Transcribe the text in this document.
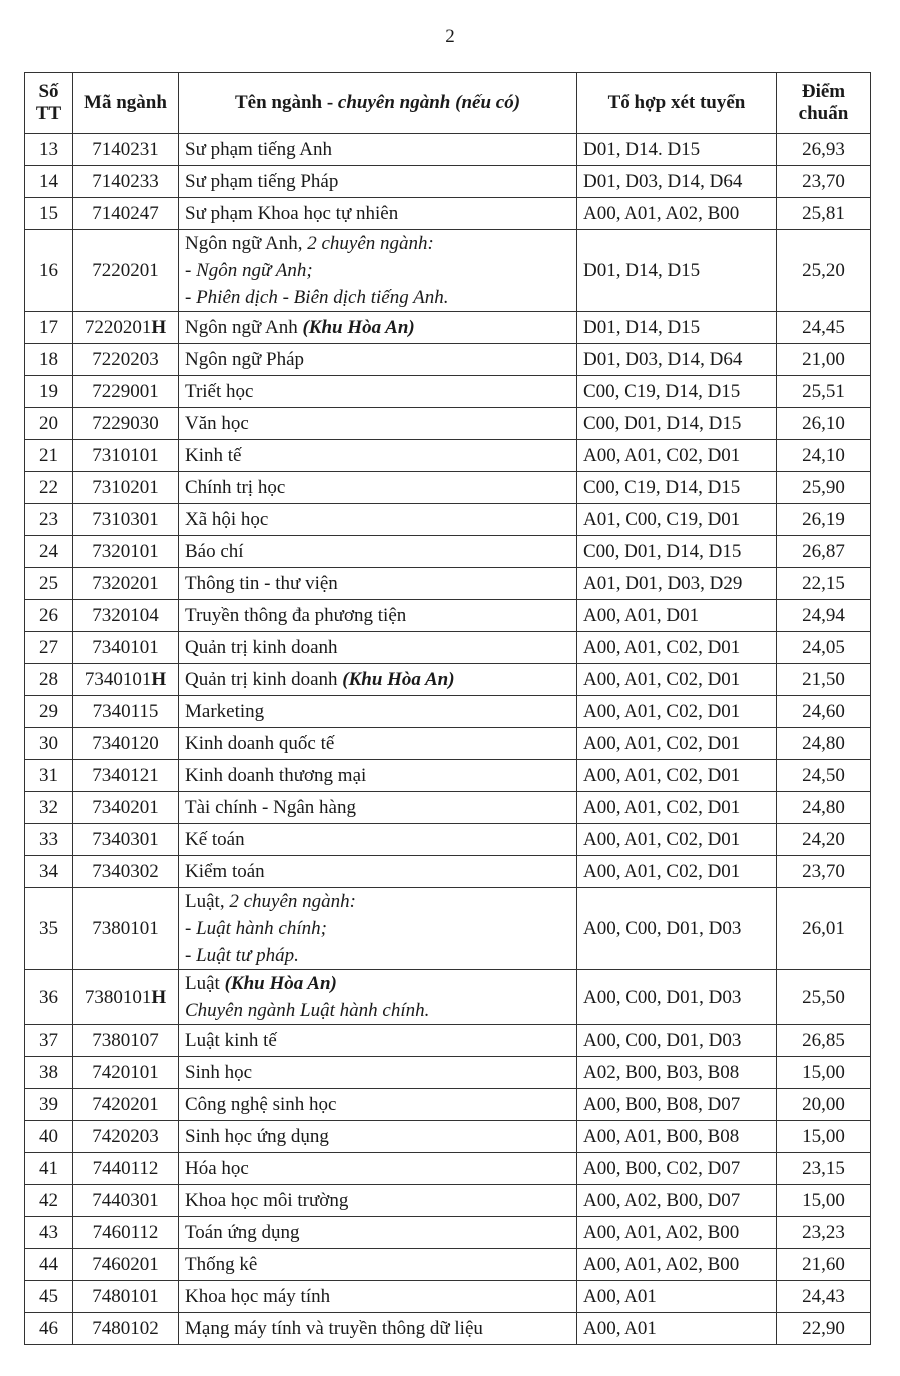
2
Số TT	Mã ngành	Tên ngành - chuyên ngành (nếu có)	Tổ hợp xét tuyển	Điểm chuẩn
13	7140231	Sư phạm tiếng Anh	D01, D14. D15	26,93
14	7140233	Sư phạm tiếng Pháp	D01, D03, D14, D64	23,70
15	7140247	Sư phạm Khoa học tự nhiên	A00, A01, A02, B00	25,81
16	7220201	Ngôn ngữ Anh, 2 chuyên ngành:
- Ngôn ngữ Anh;
- Phiên dịch - Biên dịch tiếng Anh.	D01, D14, D15	25,20
17	7220201H	Ngôn ngữ Anh (Khu Hòa An)	D01, D14, D15	24,45
18	7220203	Ngôn ngữ Pháp	D01, D03, D14, D64	21,00
19	7229001	Triết học	C00, C19, D14, D15	25,51
20	7229030	Văn học	C00, D01, D14, D15	26,10
21	7310101	Kinh tế	A00, A01, C02, D01	24,10
22	7310201	Chính trị học	C00, C19, D14, D15	25,90
23	7310301	Xã hội học	A01, C00, C19, D01	26,19
24	7320101	Báo chí	C00, D01, D14, D15	26,87
25	7320201	Thông tin - thư viện	A01, D01, D03, D29	22,15
26	7320104	Truyền thông đa phương tiện	A00, A01, D01	24,94
27	7340101	Quản trị kinh doanh	A00, A01, C02, D01	24,05
28	7340101H	Quản trị kinh doanh (Khu Hòa An)	A00, A01, C02, D01	21,50
29	7340115	Marketing	A00, A01, C02, D01	24,60
30	7340120	Kinh doanh quốc tế	A00, A01, C02, D01	24,80
31	7340121	Kinh doanh thương mại	A00, A01, C02, D01	24,50
32	7340201	Tài chính - Ngân hàng	A00, A01, C02, D01	24,80
33	7340301	Kế toán	A00, A01, C02, D01	24,20
34	7340302	Kiểm toán	A00, A01, C02, D01	23,70
35	7380101	Luật, 2 chuyên ngành:
- Luật hành chính;
- Luật tư pháp.	A00, C00, D01, D03	26,01
36	7380101H	Luật (Khu Hòa An)
Chuyên ngành Luật hành chính.	A00, C00, D01, D03	25,50
37	7380107	Luật kinh tế	A00, C00, D01, D03	26,85
38	7420101	Sinh học	A02, B00, B03, B08	15,00
39	7420201	Công nghệ sinh học	A00, B00, B08, D07	20,00
40	7420203	Sinh học ứng dụng	A00, A01, B00, B08	15,00
41	7440112	Hóa học	A00, B00, C02, D07	23,15
42	7440301	Khoa học môi trường	A00, A02, B00, D07	15,00
43	7460112	Toán ứng dụng	A00, A01, A02, B00	23,23
44	7460201	Thống kê	A00, A01, A02, B00	21,60
45	7480101	Khoa học máy tính	A00, A01	24,43
46	7480102	Mạng máy tính và truyền thông dữ liệu	A00, A01	22,90
